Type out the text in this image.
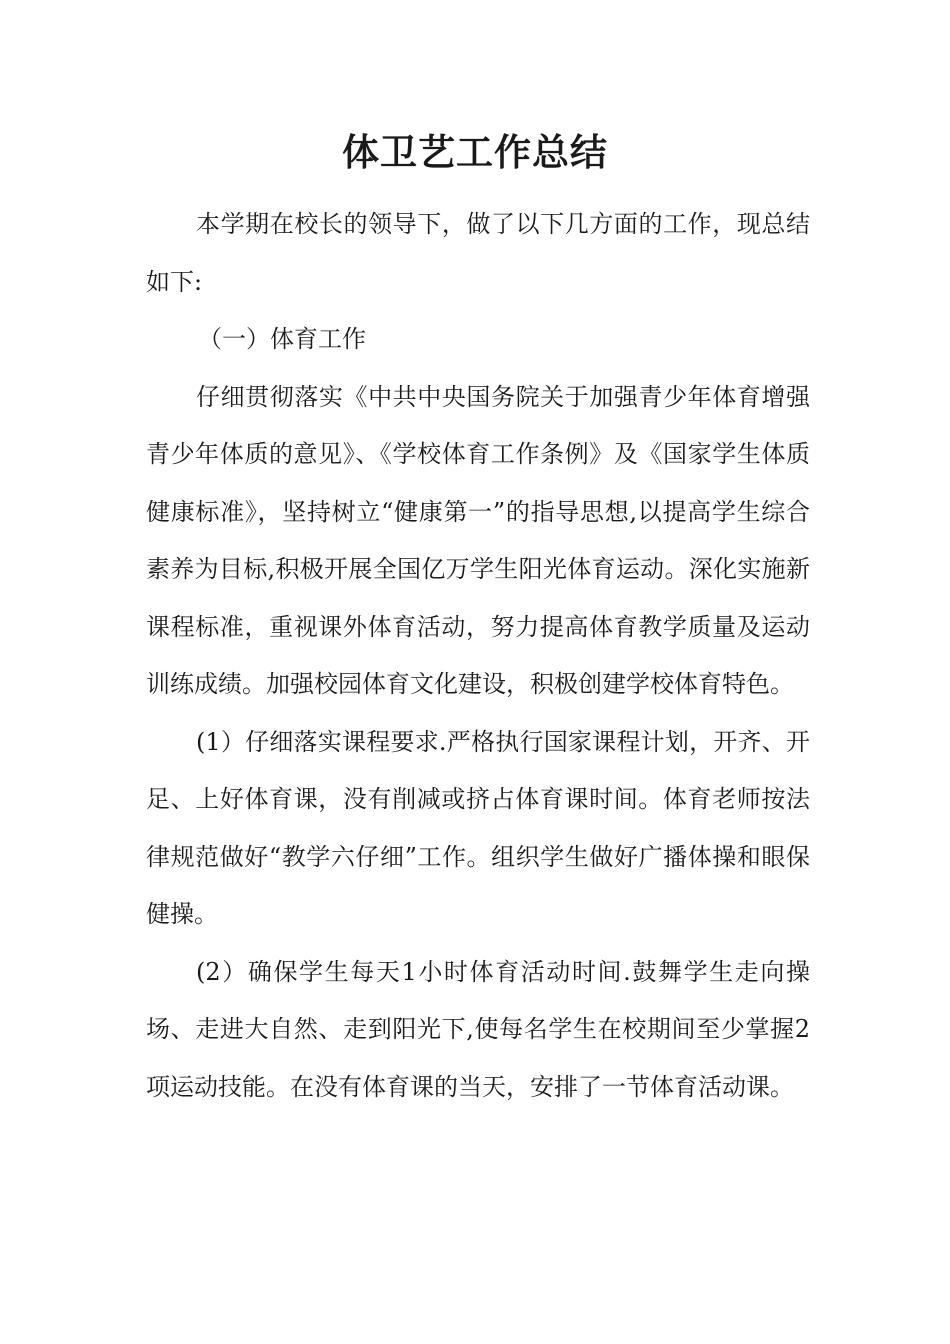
体卫艺工作总结

本学期在校长的领导下，做了以下几方面的工作，现总结如下:

（一）体育工作

仔细贯彻落实《中共中央国务院关于加强青少年体育增强青少年体质的意见》、《学校体育工作条例》及《国家学生体质健康标准》，坚持树立“健康第一”的指导思想,以提高学生综合素养为目标,积极开展全国亿万学生阳光体育运动。深化实施新课程标准，重视课外体育活动，努力提高体育教学质量及运动训练成绩。加强校园体育文化建设，积极创建学校体育特色。

(1）仔细落实课程要求.严格执行国家课程计划，开齐、开足、上好体育课，没有削减或挤占体育课时间。体育老师按法律规范做好“教学六仔细”工作。组织学生做好广播体操和眼保健操。

(2）确保学生每天1小时体育活动时间.鼓舞学生走向操场、走进大自然、走到阳光下,使每名学生在校期间至少掌握2项运动技能。在没有体育课的当天，安排了一节体育活动课。
